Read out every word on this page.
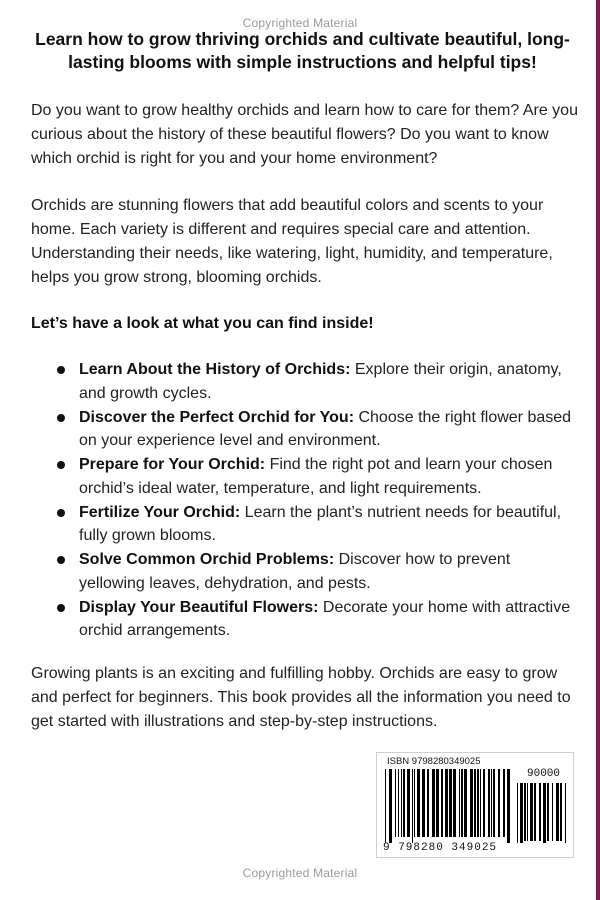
Copyrighted Material
Learn how to grow thriving orchids and cultivate beautiful, long-lasting blooms with simple instructions and helpful tips!
Do you want to grow healthy orchids and learn how to care for them? Are you curious about the history of these beautiful flowers? Do you want to know which orchid is right for you and your home environment?
Orchids are stunning flowers that add beautiful colors and scents to your home. Each variety is different and requires special care and attention. Understanding their needs, like watering, light, humidity, and temperature, helps you grow strong, blooming orchids.
Let’s have a look at what you can find inside!
Learn About the History of Orchids: Explore their origin, anatomy, and growth cycles.
Discover the Perfect Orchid for You: Choose the right flower based on your experience level and environment.
Prepare for Your Orchid: Find the right pot and learn your chosen orchid’s ideal water, temperature, and light requirements.
Fertilize Your Orchid: Learn the plant’s nutrient needs for beautiful, fully grown blooms.
Solve Common Orchid Problems: Discover how to prevent yellowing leaves, dehydration, and pests.
Display Your Beautiful Flowers: Decorate your home with attractive orchid arrangements.
Growing plants is an exciting and fulfilling hobby. Orchids are easy to grow and perfect for beginners. This book provides all the information you need to get started with illustrations and step-by-step instructions.
ISBN 9798280349025
90000
9 798280 349025
Copyrighted Material
